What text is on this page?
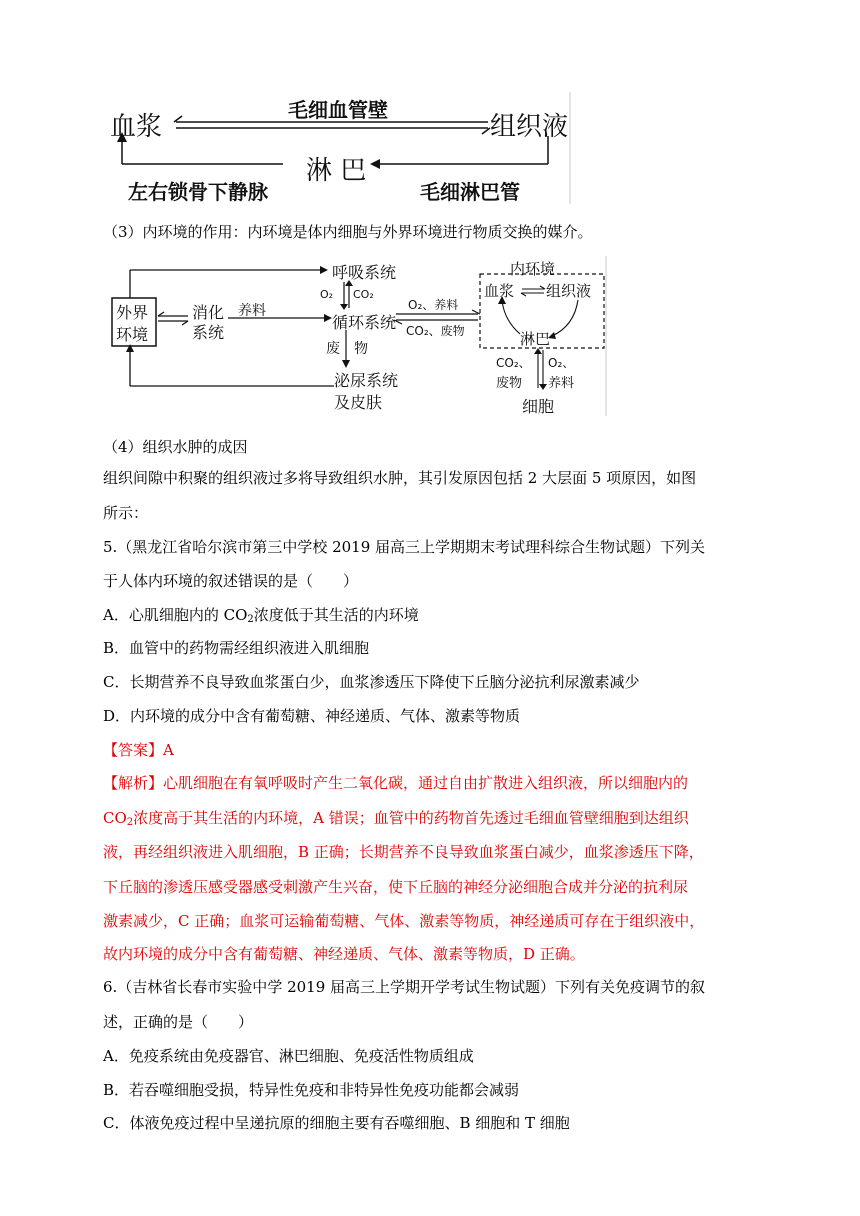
血浆
毛细血管壁
组织液
淋 巴
左右锁骨下静脉	毛细淋巴管
（3）内环境的作用：内环境是体内细胞与外界环境进行物质交换的媒介。
外界
环境
消化
系统
养料
呼吸系统
O₂ CO₂
循环系统
废 物
泌尿系统
及皮肤
O₂、养料
CO₂、废物
内环境
血浆 组织液
淋巴
CO₂、
废物
O₂、
养料
细胞
（4）组织水肿的成因
组织间隙中积聚的组织液过多将导致组织水肿，其引发原因包括 2 大层面 5 项原因，如图
所示：
5.（黑龙江省哈尔滨市第三中学校 2019 届高三上学期期末考试理科综合生物试题）下列关
于人体内环境的叙述错误的是（　　）
A．心肌细胞内的 $CO_2$浓度低于其生活的内环境
B．血管中的药物需经组织液进入肌细胞
C．长期营养不良导致血浆蛋白少，血浆渗透压下降使下丘脑分泌抗利尿激素减少
D．内环境的成分中含有葡萄糖、神经递质、气体、激素等物质
【答案】A
【解析】心肌细胞在有氧呼吸时产生二氧化碳，通过自由扩散进入组织液，所以细胞内的
$CO_2$浓度高于其生活的内环境，A 错误；血管中的药物首先透过毛细血管壁细胞到达组织
液，再经组织液进入肌细胞，B 正确；长期营养不良导致血浆蛋白减少，血浆渗透压下降，
下丘脑的渗透压感受器感受刺激产生兴奋，使下丘脑的神经分泌细胞合成并分泌的抗利尿
激素减少，C 正确；血浆可运输葡萄糖、气体、激素等物质，神经递质可存在于组织液中，
故内环境的成分中含有葡萄糖、神经递质、气体、激素等物质，D 正确。
6.（吉林省长春市实验中学 2019 届高三上学期开学考试生物试题）下列有关免疫调节的叙
述，正确的是（　　）
A．免疫系统由免疫器官、淋巴细胞、免疫活性物质组成
B．若吞噬细胞受损，特异性免疫和非特异性免疫功能都会减弱
C．体液免疫过程中呈递抗原的细胞主要有吞噬细胞、B 细胞和 T 细胞
